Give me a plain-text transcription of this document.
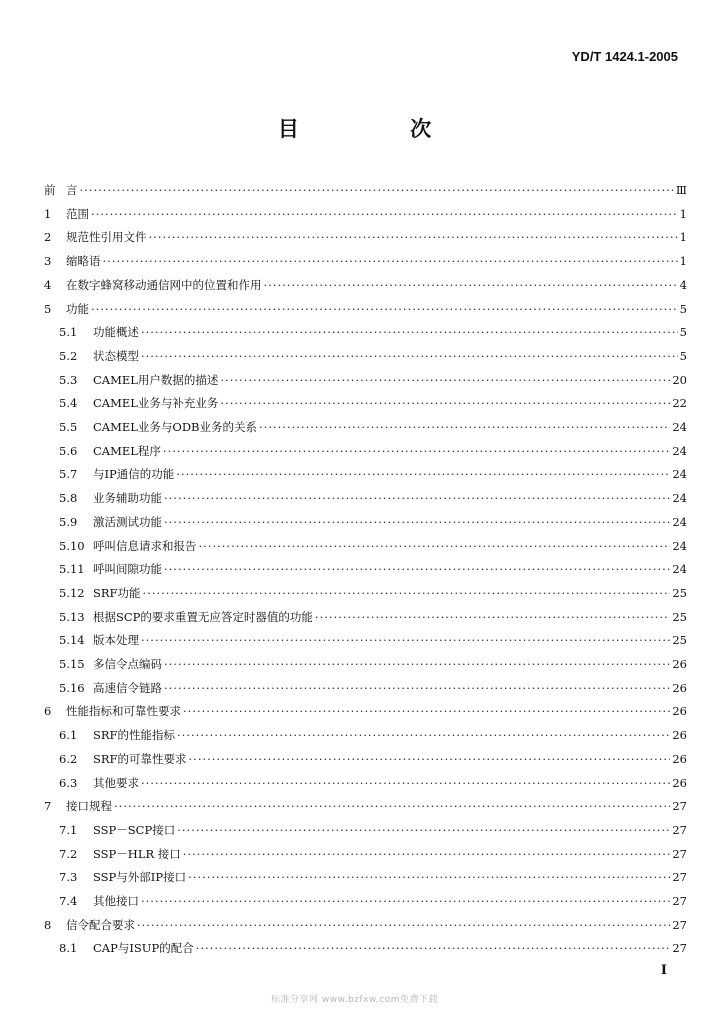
YD/T 1424.1-2005
目 次
前 言 ·····	Ⅲ
1	范围 ·····	1
2	规范性引用文件 ·····	1
3	缩略语 ·····	1
4	在数字蜂窝移动通信网中的位置和作用 ·····	4
5	功能 ·····	5
5.1	功能概述 ·····	5
5.2	状态模型 ·····	5
5.3	CAMEL用户数据的描述 ·····	20
5.4	CAMEL业务与补充业务 ·····	22
5.5	CAMEL业务与ODB业务的关系 ·····	24
5.6	CAMEL程序 ·····	24
5.7	与IP通信的功能 ·····	24
5.8	业务辅助功能 ·····	24
5.9	激活测试功能 ·····	24
5.10 呼叫信息请求和报告 ·····	24
5.11 呼叫间隙功能 ·····	24
5.12 SRF功能 ·····	25
5.13 根据SCP的要求重置无应答定时器值的功能 ·····	25
5.14 版本处理 ·····	25
5.15 多信令点编码 ·····	26
5.16 高速信令链路 ·····	26
6	性能指标和可靠性要求 ·····	26
6.1	SRF的性能指标 ·····	26
6.2	SRF的可靠性要求 ·····	26
6.3	其他要求 ·····	26
7	接口规程 ·····	27
7.1	SSP－SCP接口 ·····	27
7.2	SSP－HLR 接口 ·····	27
7.3	SSP与外部IP接口 ·····	27
7.4	其他接口 ·····	27
8	信令配合要求 ·····	27
8.1	CAP与ISUP的配合 ·····	27
I
标准分享网 www.bzfxw.com免费下载
